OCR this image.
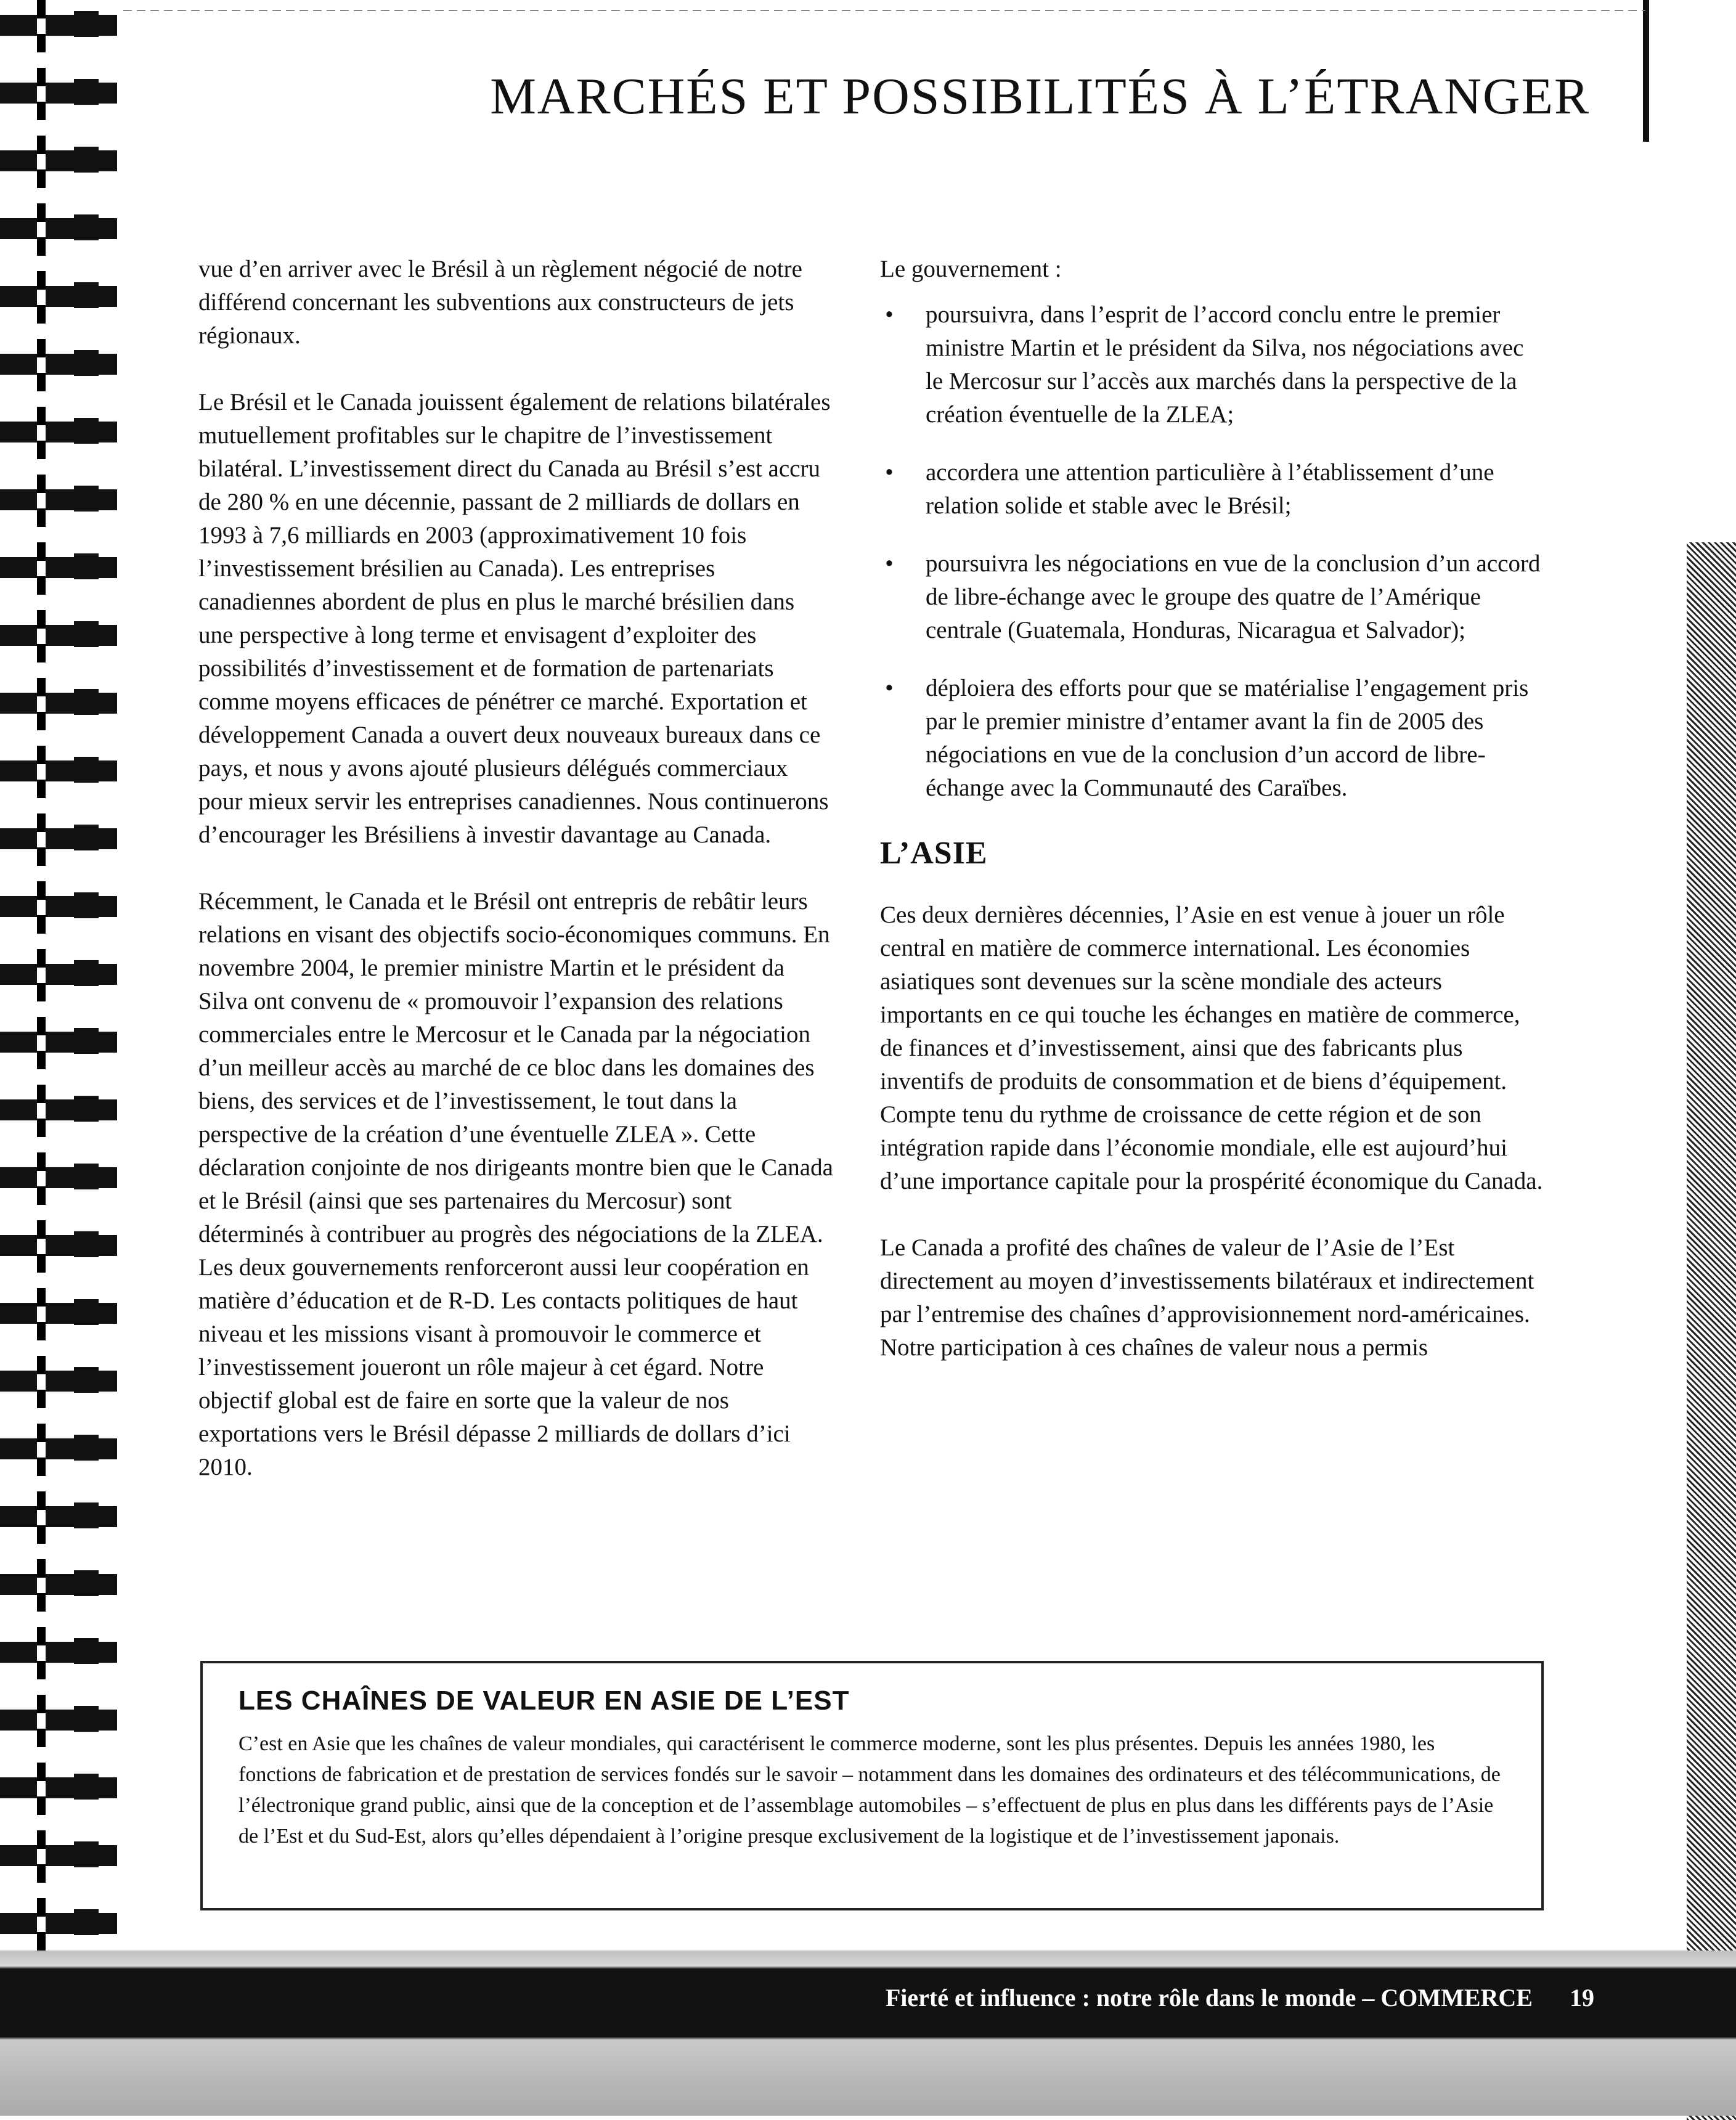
MARCHÉS ET POSSIBILITÉS À L’ÉTRANGER

vue d’en arriver avec le Brésil à un règlement négocié de notre différend concernant les subventions aux constructeurs de jets régionaux.

Le Brésil et le Canada jouissent également de relations bilatérales mutuellement profitables sur le chapitre de l’investissement bilatéral. L’investissement direct du Canada au Brésil s’est accru de 280 % en une décennie, passant de 2 milliards de dollars en 1993 à 7,6 milliards en 2003 (approximativement 10 fois l’investissement brésilien au Canada). Les entreprises canadiennes abordent de plus en plus le marché brésilien dans une perspective à long terme et envisagent d’exploiter des possibilités d’investissement et de formation de partenariats comme moyens efficaces de pénétrer ce marché. Exportation et développement Canada a ouvert deux nouveaux bureaux dans ce pays, et nous y avons ajouté plusieurs délégués commerciaux pour mieux servir les entreprises canadiennes. Nous continuerons d’encourager les Brésiliens à investir davantage au Canada.

Récemment, le Canada et le Brésil ont entrepris de rebâtir leurs relations en visant des objectifs socio-économiques communs. En novembre 2004, le premier ministre Martin et le président da Silva ont convenu de « promouvoir l’expansion des relations commerciales entre le Mercosur et le Canada par la négociation d’un meilleur accès au marché de ce bloc dans les domaines des biens, des services et de l’investissement, le tout dans la perspective de la création d’une éventuelle ZLEA ». Cette déclaration conjointe de nos dirigeants montre bien que le Canada et le Brésil (ainsi que ses partenaires du Mercosur) sont déterminés à contribuer au progrès des négociations de la ZLEA. Les deux gouvernements renforceront aussi leur coopération en matière d’éducation et de R-D. Les contacts politiques de haut niveau et les missions visant à promouvoir le commerce et l’investissement joueront un rôle majeur à cet égard. Notre objectif global est de faire en sorte que la valeur de nos exportations vers le Brésil dépasse 2 milliards de dollars d’ici 2010.

Le gouvernement :

• poursuivra, dans l’esprit de l’accord conclu entre le premier ministre Martin et le président da Silva, nos négociations avec le Mercosur sur l’accès aux marchés dans la perspective de la création éventuelle de la ZLEA;
• accordera une attention particulière à l’établissement d’une relation solide et stable avec le Brésil;
• poursuivra les négociations en vue de la conclusion d’un accord de libre-échange avec le groupe des quatre de l’Amérique centrale (Guatemala, Honduras, Nicaragua et Salvador);
• déploiera des efforts pour que se matérialise l’engagement pris par le premier ministre d’entamer avant la fin de 2005 des négociations en vue de la conclusion d’un accord de libre-échange avec la Communauté des Caraïbes.
L’ASIE

Ces deux dernières décennies, l’Asie en est venue à jouer un rôle central en matière de commerce international. Les économies asiatiques sont devenues sur la scène mondiale des acteurs importants en ce qui touche les échanges en matière de commerce, de finances et d’investissement, ainsi que des fabricants plus inventifs de produits de consommation et de biens d’équipement. Compte tenu du rythme de croissance de cette région et de son intégration rapide dans l’économie mondiale, elle est aujourd’hui d’une importance capitale pour la prospérité économique du Canada.

Le Canada a profité des chaînes de valeur de l’Asie de l’Est directement au moyen d’investissements bilatéraux et indirectement par l’entremise des chaînes d’approvisionnement nord-américaines. Notre participation à ces chaînes de valeur nous a permis

LES CHAÎNES DE VALEUR EN ASIE DE L’EST

C’est en Asie que les chaînes de valeur mondiales, qui caractérisent le commerce moderne, sont les plus présentes. Depuis les années 1980, les fonctions de fabrication et de prestation de services fondés sur le savoir – notamment dans les domaines des ordinateurs et des télécommunications, de l’électronique grand public, ainsi que de la conception et de l’assemblage automobiles – s’effectuent de plus en plus dans les différents pays de l’Asie de l’Est et du Sud-Est, alors qu’elles dépendaient à l’origine presque exclusivement de la logistique et de l’investissement japonais.

Fierté et influence : notre rôle dans le monde – COMMERCE 19
